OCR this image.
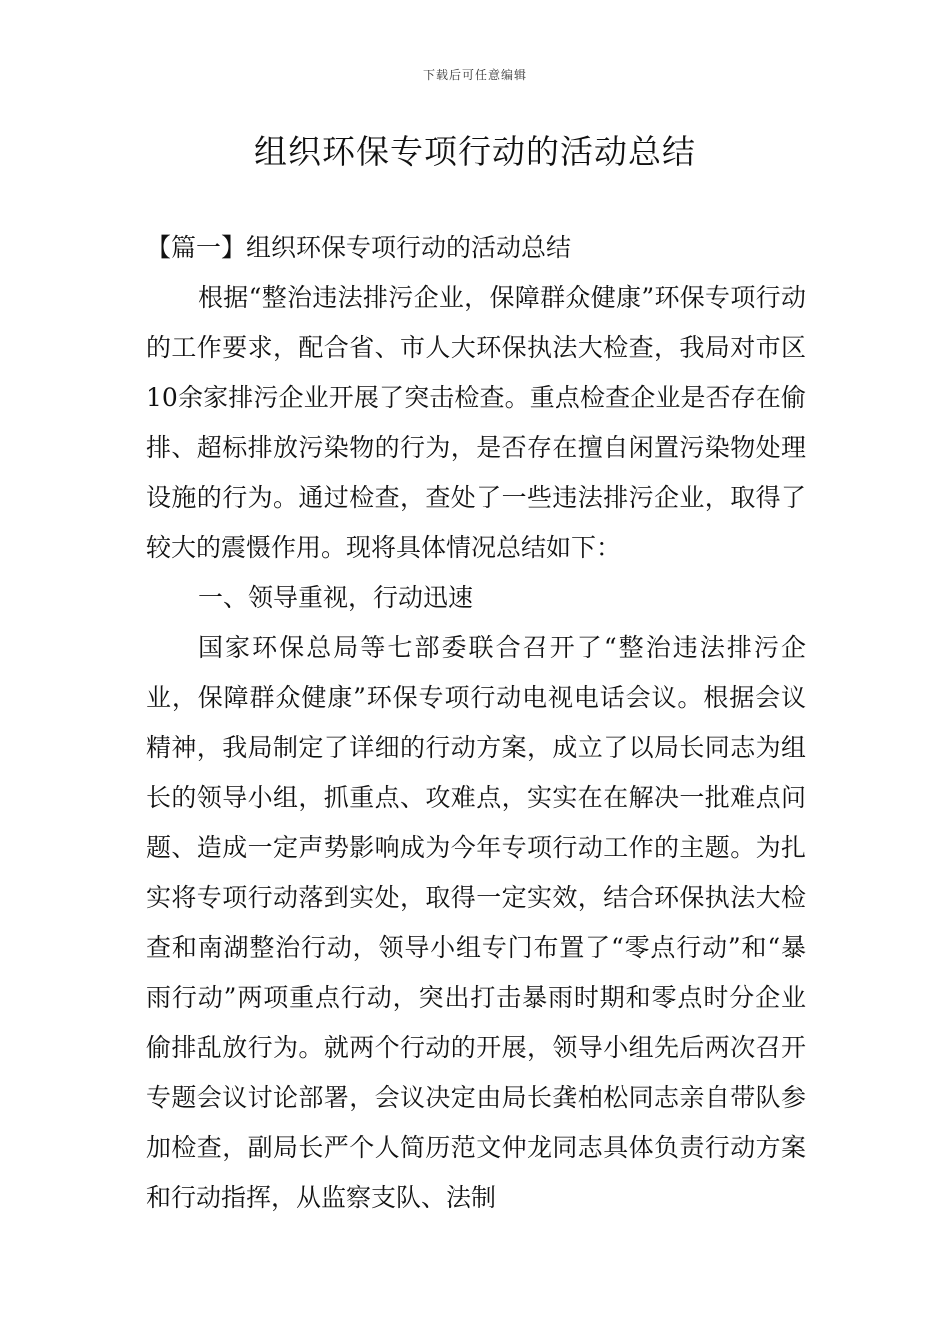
下载后可任意编辑
组织环保专项行动的活动总结

【篇一】组织环保专项行动的活动总结

根据“整治违法排污企业，保障群众健康”环保专项行动的工作要求，配合省、市人大环保执法大检查，我局对市区10余家排污企业开展了突击检查。重点检查企业是否存在偷排、超标排放污染物的行为，是否存在擅自闲置污染物处理设施的行为。通过检查，查处了一些违法排污企业，取得了较大的震慑作用。现将具体情况总结如下：

一、领导重视，行动迅速

国家环保总局等七部委联合召开了“整治违法排污企业，保障群众健康”环保专项行动电视电话会议。根据会议精神，我局制定了详细的行动方案，成立了以局长同志为组长的领导小组，抓重点、攻难点，实实在在解决一批难点问题、造成一定声势影响成为今年专项行动工作的主题。为扎实将专项行动落到实处，取得一定实效，结合环保执法大检查和南湖整治行动，领导小组专门布置了“零点行动”和“暴雨行动”两项重点行动，突出打击暴雨时期和零点时分企业偷排乱放行为。就两个行动的开展，领导小组先后两次召开专题会议讨论部署，会议决定由局长龚柏松同志亲自带队参加检查，副局长严个人简历范文仲龙同志具体负责行动方案和行动指挥，从监察支队、法制
